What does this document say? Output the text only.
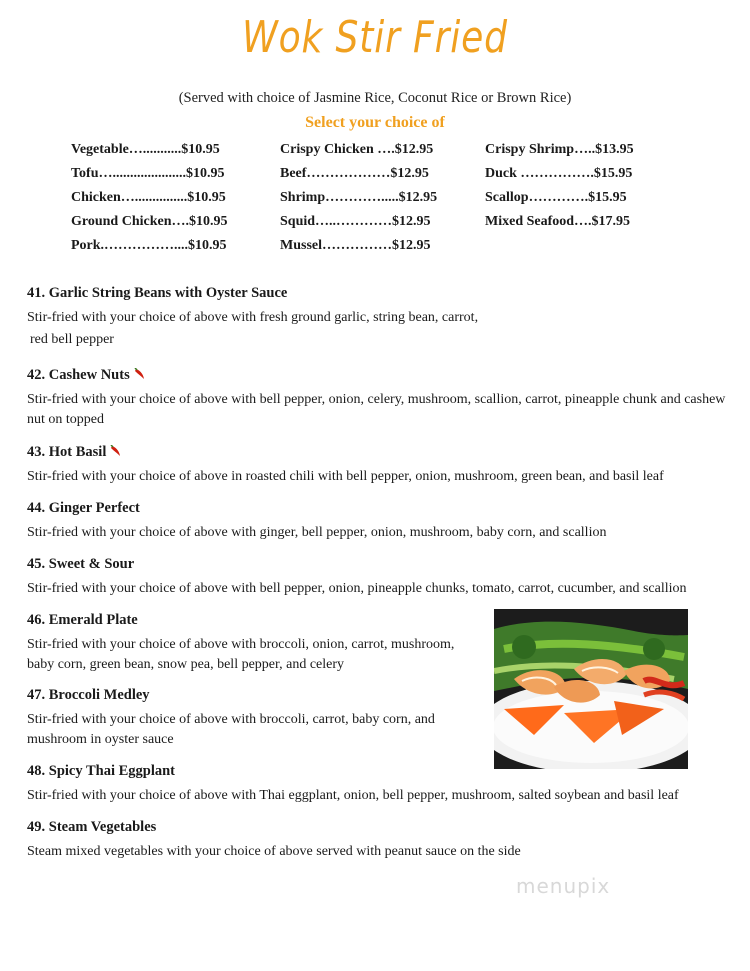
Wok Stir Fried
(Served with choice of Jasmine Rice, Coconut Rice or Brown Rice)
Select your choice of
Vegetable…...........$10.95
Tofu….....................$10.95
Chicken…...............$10.95
Ground Chicken….$10.95
Pork.……………....$10.95
Crispy Chicken ….$12.95
Beef………………$12.95
Shrimp………….....$12.95
Squid…..…………$12.95
Mussel……………$12.95
Crispy Shrimp…..$13.95
Duck …………….$15.95
Scallop………….$15.95
Mixed Seafood….$17.95
41. Garlic String Beans with Oyster Sauce
Stir-fried with your choice of above with fresh ground garlic, string bean, carrot,
red bell pepper
42. Cashew Nuts
Stir-fried with your choice of above with bell pepper, onion, celery, mushroom, scallion, carrot, pineapple chunk and cashew nut on topped
43. Hot Basil
Stir-fried with your choice of above in roasted chili with bell pepper, onion, mushroom, green bean, and basil leaf
44. Ginger Perfect
Stir-fried with your choice of above with ginger, bell pepper, onion, mushroom, baby corn, and scallion
45. Sweet & Sour
Stir-fried with your choice of above with bell pepper, onion, pineapple chunks, tomato, carrot, cucumber, and scallion
46. Emerald Plate
Stir-fried with your choice of above with broccoli, onion, carrot, mushroom, baby corn, green bean, snow pea, bell pepper, and celery
47. Broccoli Medley
Stir-fried with your choice of above with broccoli, carrot, baby corn, and mushroom in oyster sauce
48. Spicy Thai Eggplant
Stir-fried with your choice of above with Thai eggplant, onion, bell pepper, mushroom, salted soybean and basil leaf
49. Steam Vegetables
Steam mixed vegetables with your choice of above served with peanut sauce on the side
menupix
